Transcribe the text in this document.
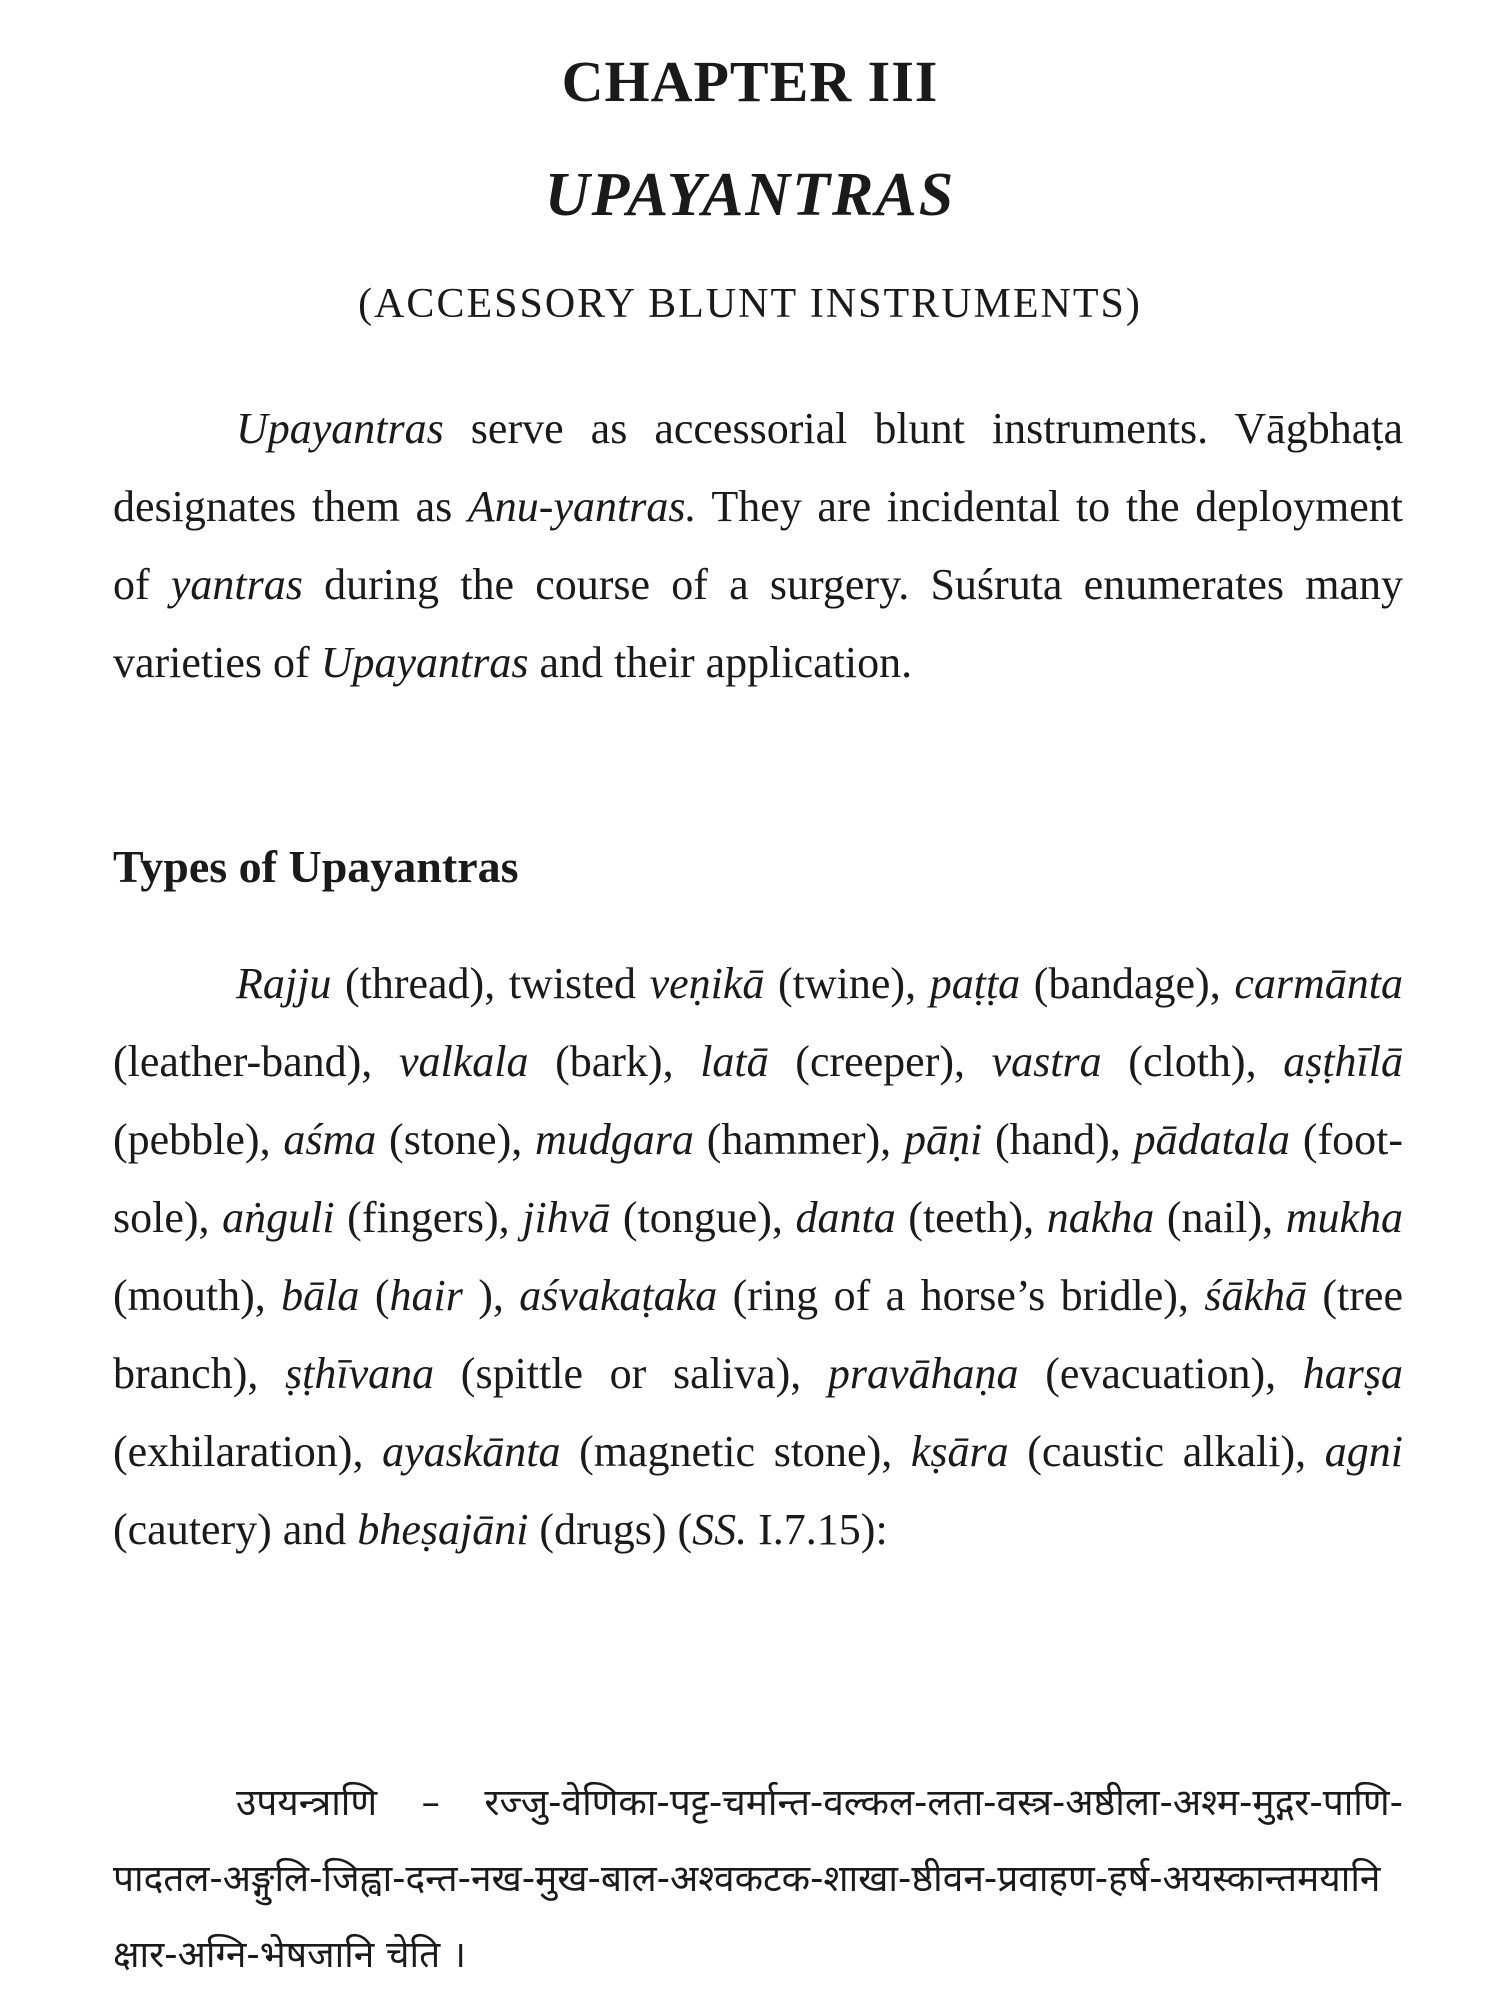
CHAPTER III
UPAYANTRAS
(ACCESSORY BLUNT INSTRUMENTS)

Upayantras serve as accessorial blunt instruments. Vāgbhaṭa designates them as Anu-yantras. They are incidental to the deployment of yantras during the course of a surgery. Suśruta enumerates many varieties of Upayantras and their application.

Types of Upayantras

Rajju (thread), twisted veṇikā (twine), paṭṭa (bandage), carmānta (leather-band), valkala (bark), latā (creeper), vastra (cloth), aṣṭhīlā (pebble), aśma (stone), mudgara (hammer), pāṇi (hand), pādatala (foot-sole), aṅguli (fingers), jihvā (tongue), danta (teeth), nakha (nail), mukha (mouth), bāla (hair ), aśvakaṭaka (ring of a horse’s bridle), śākhā (tree branch), ṣṭhīvana (spittle or saliva), pravāhaṇa (evacuation), harṣa (exhilaration), ayaskānta (magnetic stone), kṣāra (caustic alkali), agni (cautery) and bheṣajāni (drugs) (SS. I.7.15):

उपयन्त्राणि – रज्जु-वेणिका-पट्ट-चर्मान्त-वल्कल-लता-वस्त्र-अष्ठीला-अश्म-मुद्गर-पाणि-पादतल-अङ्गुलि-जिह्वा-दन्त-नख-मुख-बाल-अश्वकटक-शाखा-ष्ठीवन-प्रवाहण-हर्ष-अयस्कान्तमयानि क्षार-अग्नि-भेषजानि चेति ।
